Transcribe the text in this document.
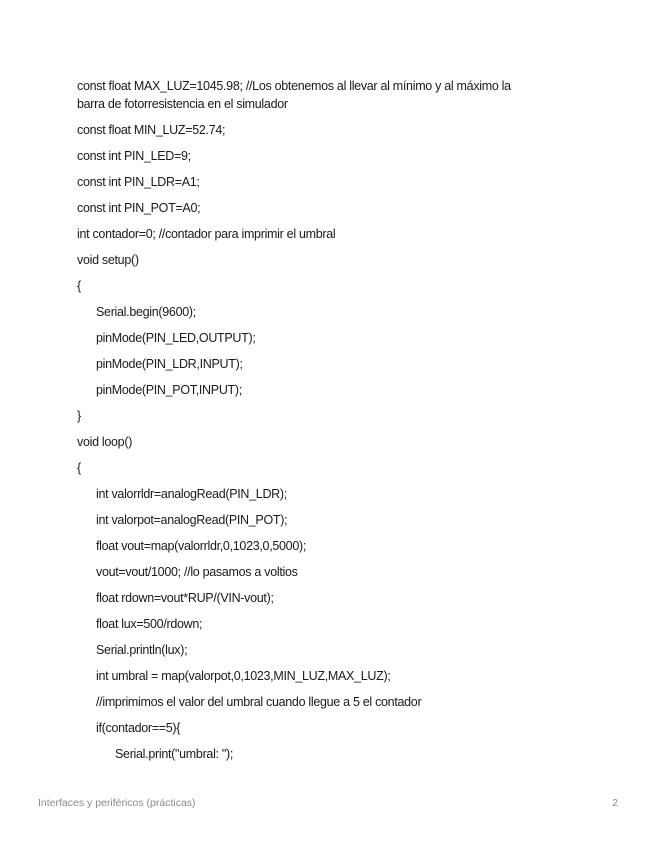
const float MAX_LUZ=1045.98; //Los obtenemos al llevar al mínimo y al máximo la
barra de fotorresistencia en el simulador
const float MIN_LUZ=52.74;
const int PIN_LED=9;
const int PIN_LDR=A1;
const int PIN_POT=A0;
int contador=0; //contador para imprimir el umbral
void setup()
{
Serial.begin(9600);
pinMode(PIN_LED,OUTPUT);
pinMode(PIN_LDR,INPUT);
pinMode(PIN_POT,INPUT);
}
void loop()
{
int valorrldr=analogRead(PIN_LDR);
int valorpot=analogRead(PIN_POT);
float vout=map(valorrldr,0,1023,0,5000);
vout=vout/1000; //lo pasamos a voltios
float rdown=vout*RUP/(VIN-vout);
float lux=500/rdown;
Serial.println(lux);
int umbral = map(valorpot,0,1023,MIN_LUZ,MAX_LUZ);
//imprimimos el valor del umbral cuando llegue a 5 el contador
if(contador==5){
Serial.print("umbral: ");
Interfaces y periféricos (prácticas)	2
